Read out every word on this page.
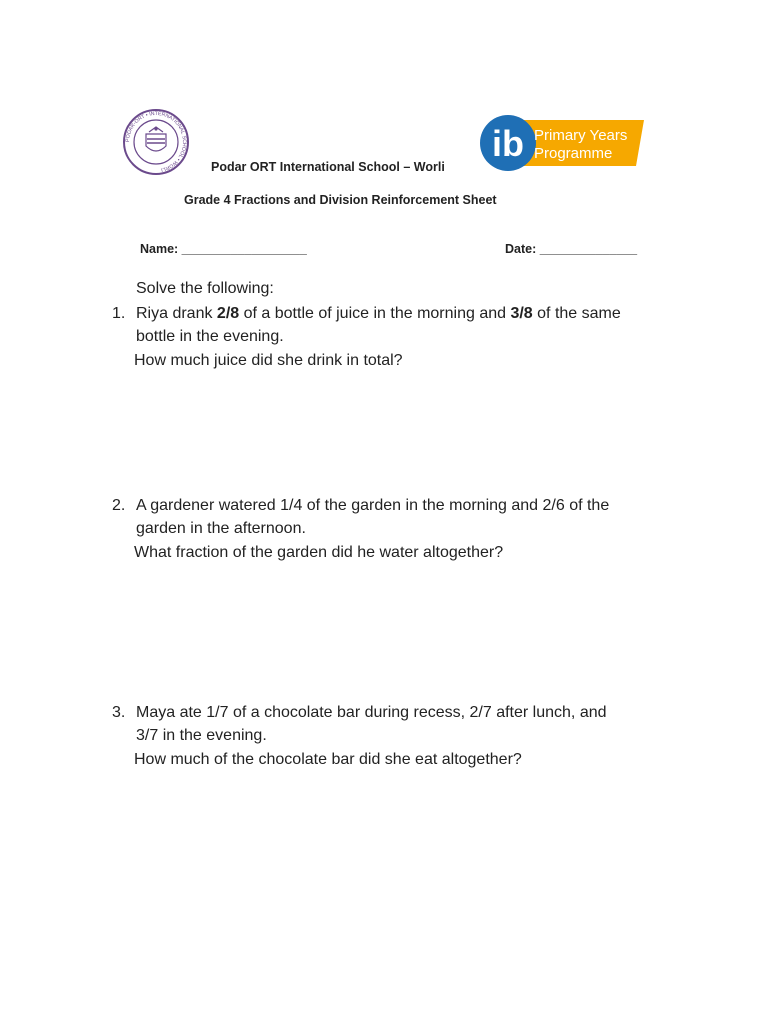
PODAR-ORT • INTERNATIONAL SCHOOL • WORLI
ib Primary Years
Programme
Podar ORT International School – Worli
Grade 4 Fractions and Division Reinforcement Sheet
Name: __________________	Date: ______________
Solve the following:
1. Riya drank 2/8 of a bottle of juice in the morning and 3/8 of the same
bottle in the evening.
How much juice did she drink in total?
2. A gardener watered 1/4 of the garden in the morning and 2/6 of the
garden in the afternoon.
What fraction of the garden did he water altogether?
3. Maya ate 1/7 of a chocolate bar during recess, 2/7 after lunch, and
3/7 in the evening.
How much of the chocolate bar did she eat altogether?
